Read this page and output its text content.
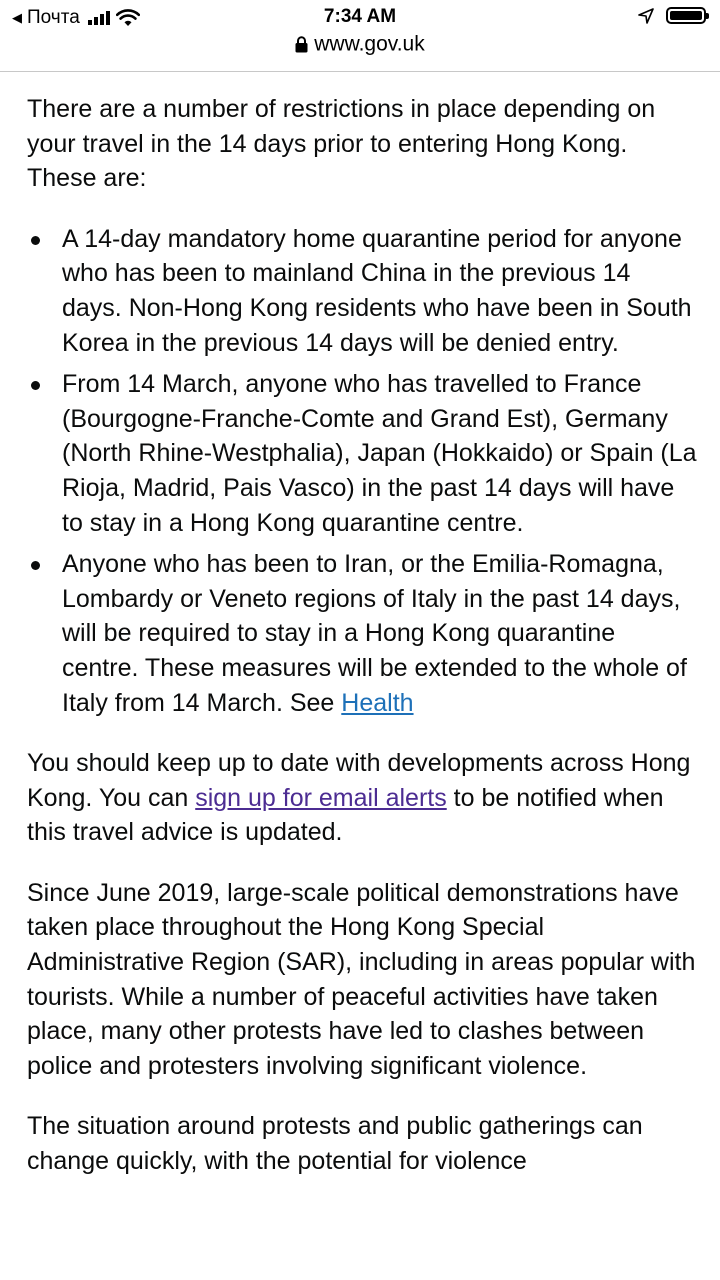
◀ Почта	7:34 AM
www.gov.uk

There are a number of restrictions in place depending on your travel in the 14 days prior to entering Hong Kong. These are:

A 14-day mandatory home quarantine period for anyone who has been to mainland China in the previous 14 days. Non-Hong Kong residents who have been in South Korea in the previous 14 days will be denied entry.
From 14 March, anyone who has travelled to France (Bourgogne-Franche-Comte and Grand Est), Germany (North Rhine-Westphalia), Japan (Hokkaido) or Spain (La Rioja, Madrid, Pais Vasco) in the past 14 days will have to stay in a Hong Kong quarantine centre.
Anyone who has been to Iran, or the Emilia-Romagna, Lombardy or Veneto regions of Italy in the past 14 days, will be required to stay in a Hong Kong quarantine centre. These measures will be extended to the whole of Italy from 14 March. See Health

You should keep up to date with developments across Hong Kong. You can sign up for email alerts to be notified when this travel advice is updated.

Since June 2019, large-scale political demonstrations have taken place throughout the Hong Kong Special Administrative Region (SAR), including in areas popular with tourists. While a number of peaceful activities have taken place, many other protests have led to clashes between police and protesters involving significant violence.

The situation around protests and public gatherings can change quickly, with the potential for violence
